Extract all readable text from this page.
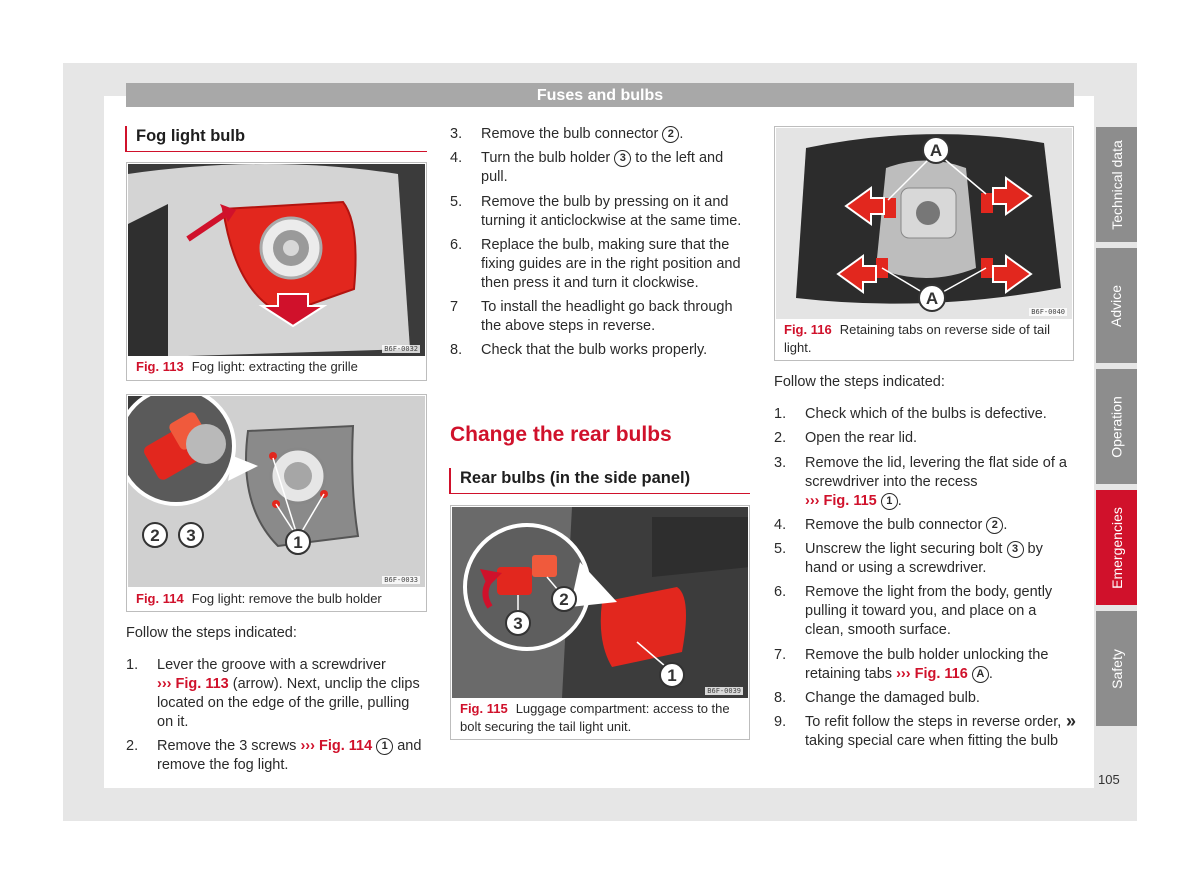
Fuses and bulbs
Technical data
Advice
Operation
Emergencies
Safety
105
Fog light bulb
B6F-0032
Fig. 113 Fog light: extracting the grille
2 3	1
B6F-0033
Fig. 114 Fog light: remove the bulb holder
Follow the steps indicated:
1. Lever the groove with a screwdriver
››› Fig. 113 (arrow). Next, unclip the clips located on the edge of the grille, pulling on it.
2. Remove the 3 screws ››› Fig. 114 1 and remove the fog light.
3. Remove the bulb connector 2 .
4. Turn the bulb holder 3 to the left and pull.
5. Remove the bulb by pressing on it and turning it anticlockwise at the same time.
6. Replace the bulb, making sure that the fixing guides are in the right position and then press it and turn it clockwise.
7 To install the headlight go back through the above steps in reverse.
8. Check that the bulb works properly.
Change the rear bulbs
Rear bulbs (in the side panel)
2
3
1
B6F-0039
Fig. 115 Luggage compartment: access to the bolt securing the tail light unit.
A
A
B6F-0040
Fig. 116 Retaining tabs on reverse side of tail light.
Follow the steps indicated:
1. Check which of the bulbs is defective.
2. Open the rear lid.
3. Remove the lid, levering the flat side of a screwdriver into the recess
››› Fig. 115 1 .
4. Remove the bulb connector 2 .
5. Unscrew the light securing bolt 3 by hand or using a screwdriver.
6. Remove the light from the body, gently pulling it toward you, and place on a clean, smooth surface.
7. Remove the bulb holder unlocking the retaining tabs ››› Fig. 116 A .
8. Change the damaged bulb.
9. To refit follow the steps in reverse order, taking special care when fitting the bulb
»
